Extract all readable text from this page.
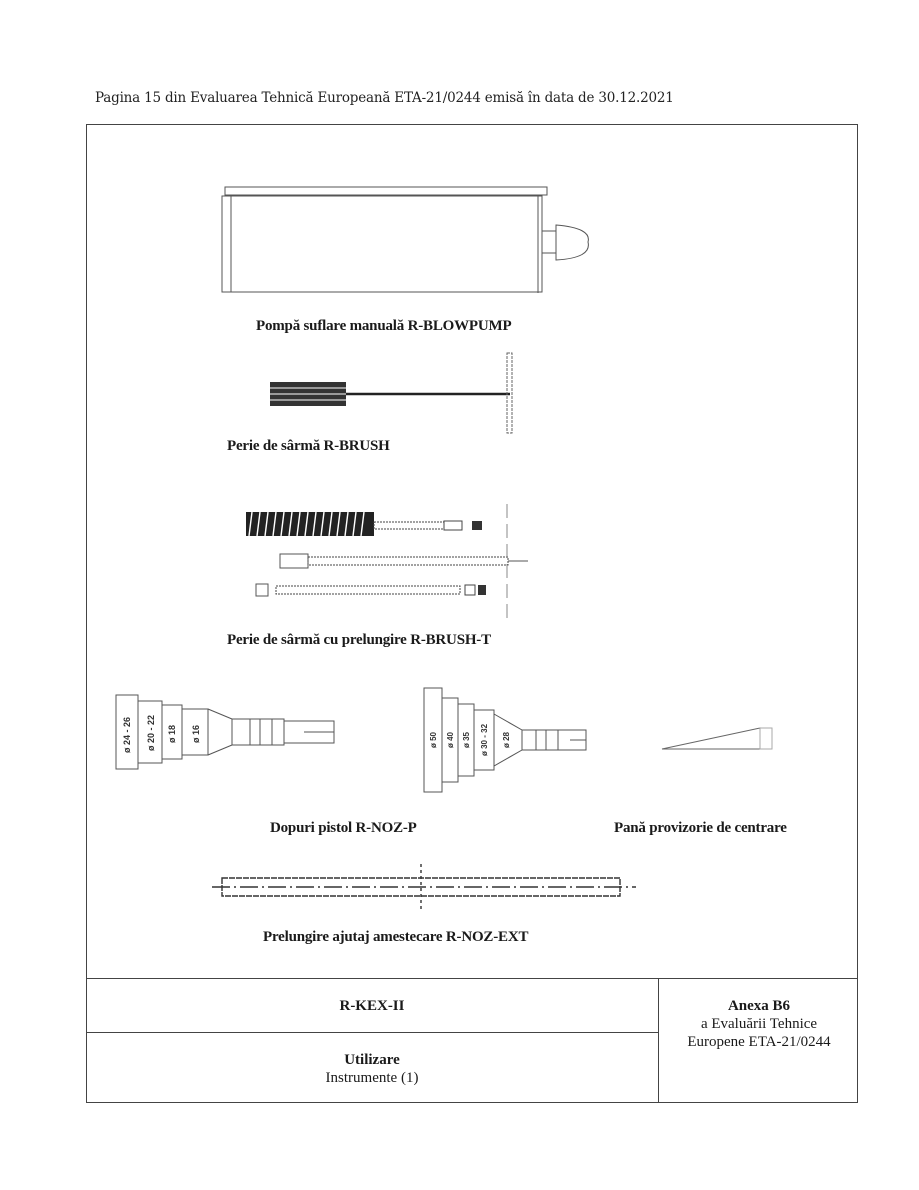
Pagina 15 din Evaluarea Tehnică Europeană ETA-21/0244 emisă în data de 30.12.2021
Pompă suflare manuală R-BLOWPUMP
Perie de sârmă R-BRUSH
Perie de sârmă cu prelungire R-BRUSH-T
ø 24 - 26 ø 20 - 22 ø 18 ø 16	ø 50 ø 40 ø 35 ø 30 - 32 ø 28
Dopuri pistol R-NOZ-P	Pană provizorie de centrare
Prelungire ajutaj amestecare R-NOZ-EXT
R-KEX-II
Utilizare
Instrumente (1)
Anexa B6
a Evaluării Tehnice
Europene ETA-21/0244
